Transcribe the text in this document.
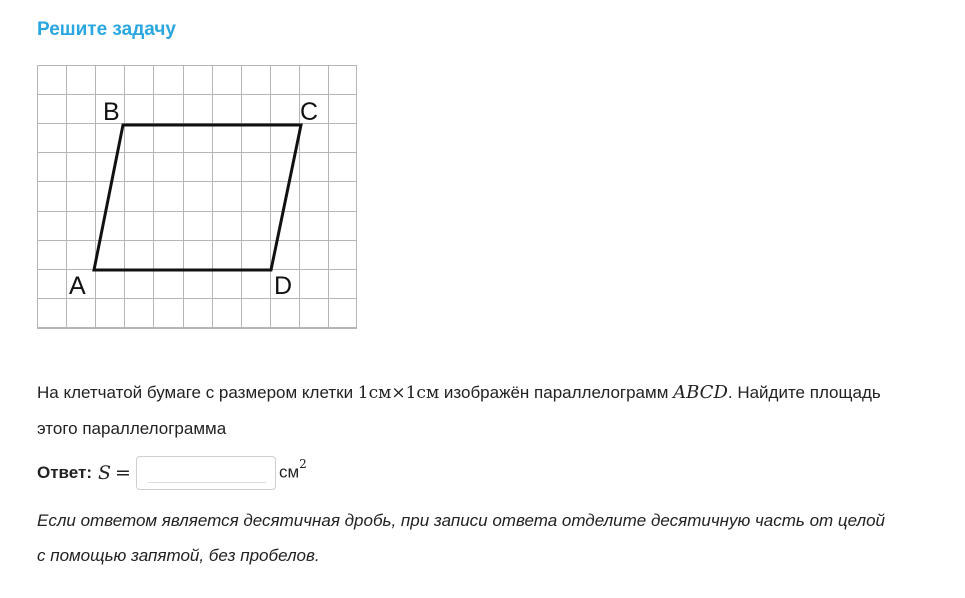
Решите задачу
A
B	C
D

На клетчатой бумаге с размером клетки 1см×1см изображён параллелограмм ABCD. Найдите площадь этого параллелограмма

Ответ: S =	$см^2$

Если ответом является десятичная дробь, при записи ответа отделите десятичную часть от целой с помощью запятой, без пробелов.
